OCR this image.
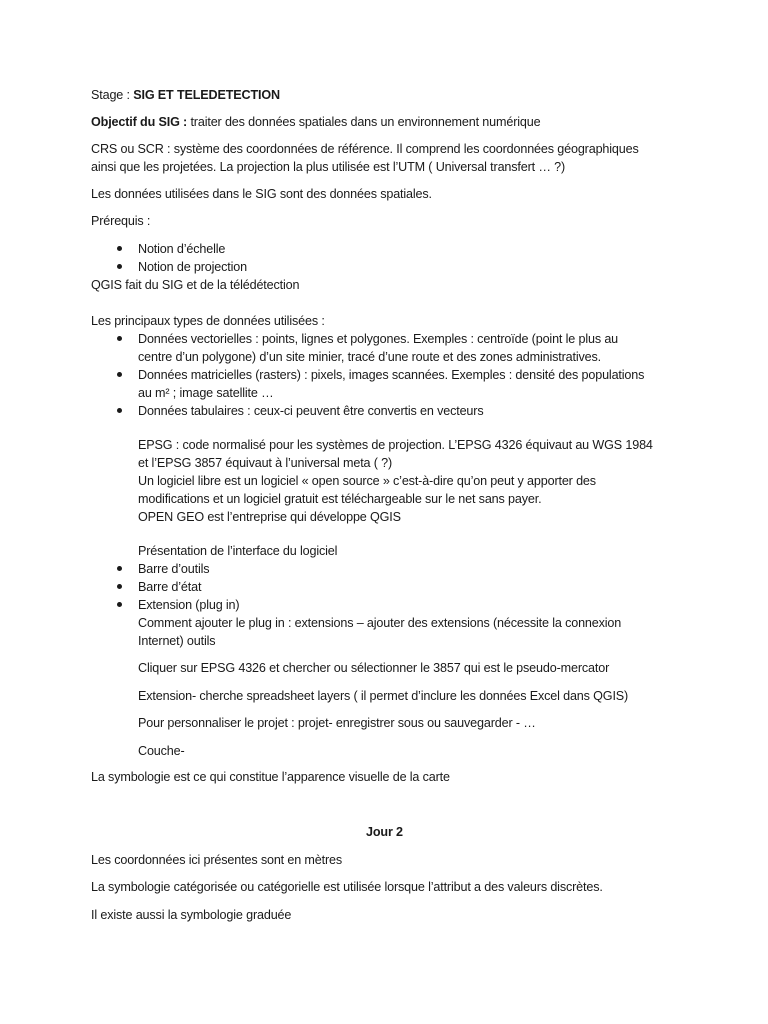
Stage : SIG ET TELEDETECTION
Objectif du SIG : traiter des données spatiales dans un environnement numérique
CRS ou SCR : système des coordonnées de référence. Il comprend les coordonnées géographiques
ainsi que les projetées. La projection la plus utilisée est l’UTM ( Universal transfert … ?)
Les données utilisées dans le SIG sont des données spatiales.
Prérequis :
Notion d’échelle
Notion de projection
QGIS fait du SIG et de la télédétection
Les principaux types de données utilisées :
Données vectorielles : points, lignes et polygones. Exemples : centroïde (point le plus au
centre d’un polygone) d’un site minier, tracé d’une route et des zones administratives.
Données matricielles (rasters) : pixels, images scannées. Exemples : densité des populations
au m² ; image satellite …
Données tabulaires : ceux-ci peuvent être convertis en vecteurs
EPSG : code normalisé pour les systèmes de projection. L’EPSG 4326 équivaut au WGS 1984
et l’EPSG 3857 équivaut à l’universal meta ( ?)
Un logiciel libre est un logiciel « open source » c’est-à-dire qu’on peut y apporter des
modifications et un logiciel gratuit est téléchargeable sur le net sans payer.
OPEN GEO est l’entreprise qui développe QGIS
Présentation de l’interface du logiciel
Barre d’outils
Barre d’état
Extension (plug in)
Comment ajouter le plug in : extensions – ajouter des extensions (nécessite la connexion
Internet) outils
Cliquer sur EPSG 4326 et chercher ou sélectionner le 3857 qui est le pseudo-mercator
Extension- cherche spreadsheet layers ( il permet d’inclure les données Excel dans QGIS)
Pour personnaliser le projet : projet- enregistrer sous ou sauvegarder - …
Couche-
La symbologie est ce qui constitue l’apparence visuelle de la carte
Jour 2
Les coordonnées ici présentes sont en mètres
La symbologie catégorisée ou catégorielle est utilisée lorsque l’attribut a des valeurs discrètes.
Il existe aussi la symbologie graduée
